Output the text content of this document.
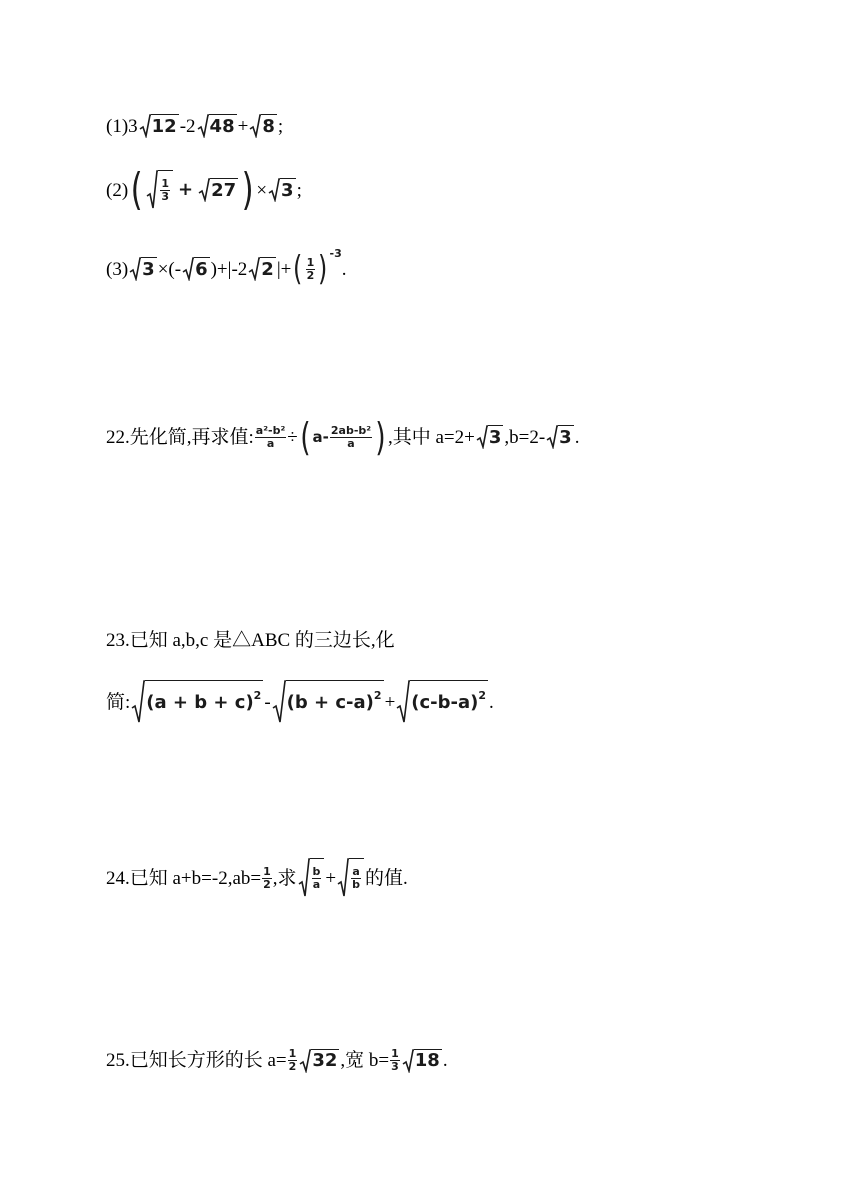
(1) 3 12 -2 48 + 8 ;
(2) ( $\frac{1}{3} + 27$ ) × 3 ;
(3) 3 ×(- 6 )+|-2 2 |+ ( $\frac{1}{2}$ ) -3
.
22.先化简,再求值: $\frac{\text{a²-b²}}{a}$ ÷ ( $a- \frac{\text{2ab-b²}}{a}$ ) ,其中 a=2+ 3 ,b=2- 3 .
23.已知 a,b,c 是△ABC 的三边长,化
简: (a + b + c) 2 - (b + c-a) 2 + (c-b-a) 2 .
24.已知 $a+b=-2,ab= \frac{1}{2}$ ,求 $\frac{b}{a} + \frac{a}{b}$ 的值.
25.已知长方形的长 $a= \frac{1}{2} 32$ ,宽 $b= \frac{1}{3} 18$ .
